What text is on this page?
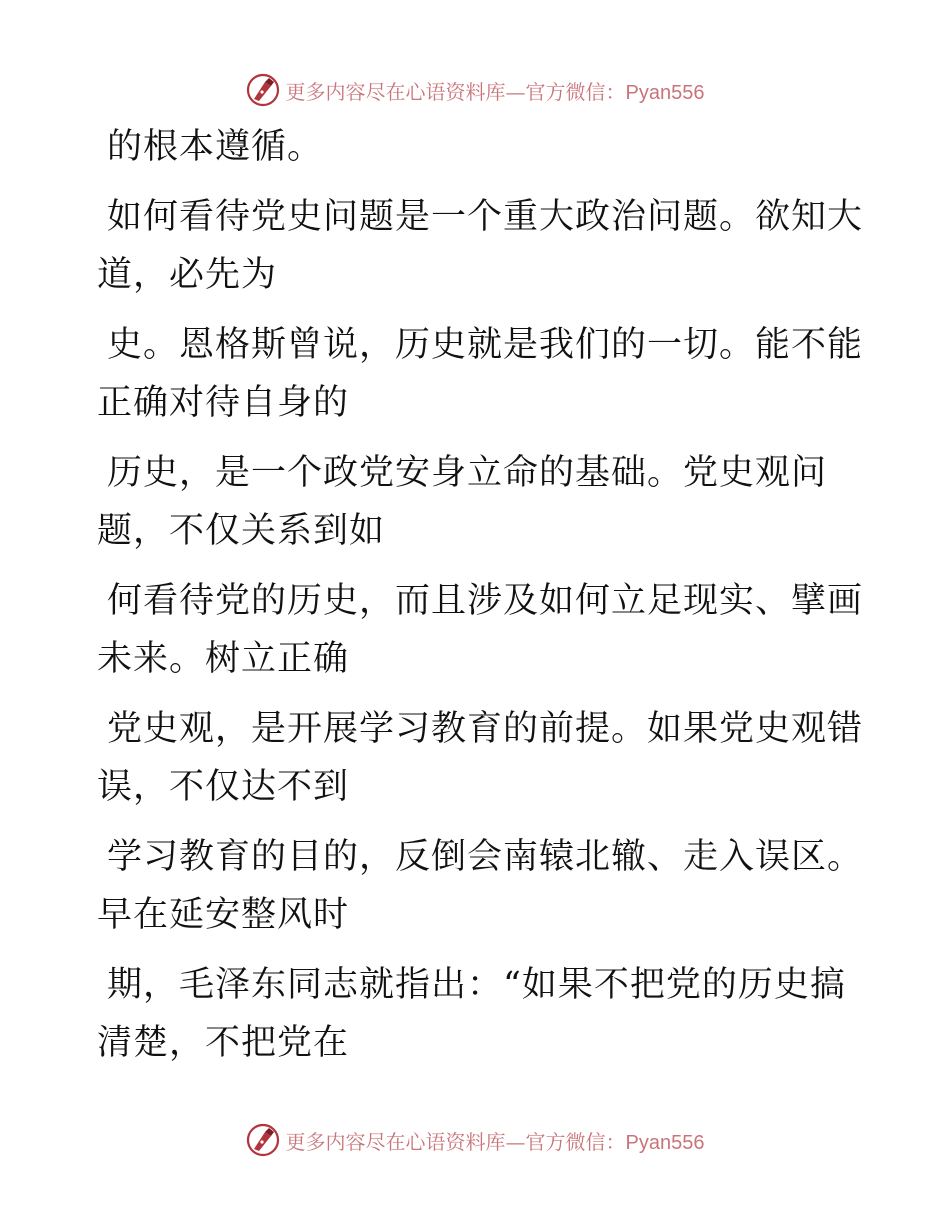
更多内容尽在心语资料库—官方微信：Pyan556
的根本遵循。
如何看待党史问题是一个重大政治问题。欲知大
道，必先为
史。恩格斯曾说，历史就是我们的一切。能不能
正确对待自身的
历史，是一个政党安身立命的基础。党史观问
题，不仅关系到如
何看待党的历史，而且涉及如何立足现实、擘画
未来。树立正确
党史观，是开展学习教育的前提。如果党史观错
误，不仅达不到
学习教育的目的，反倒会南辕北辙、走入误区。
早在延安整风时
期，毛泽东同志就指出：“如果不把党的历史搞
清楚，不把党在
更多内容尽在心语资料库—官方微信：Pyan556
